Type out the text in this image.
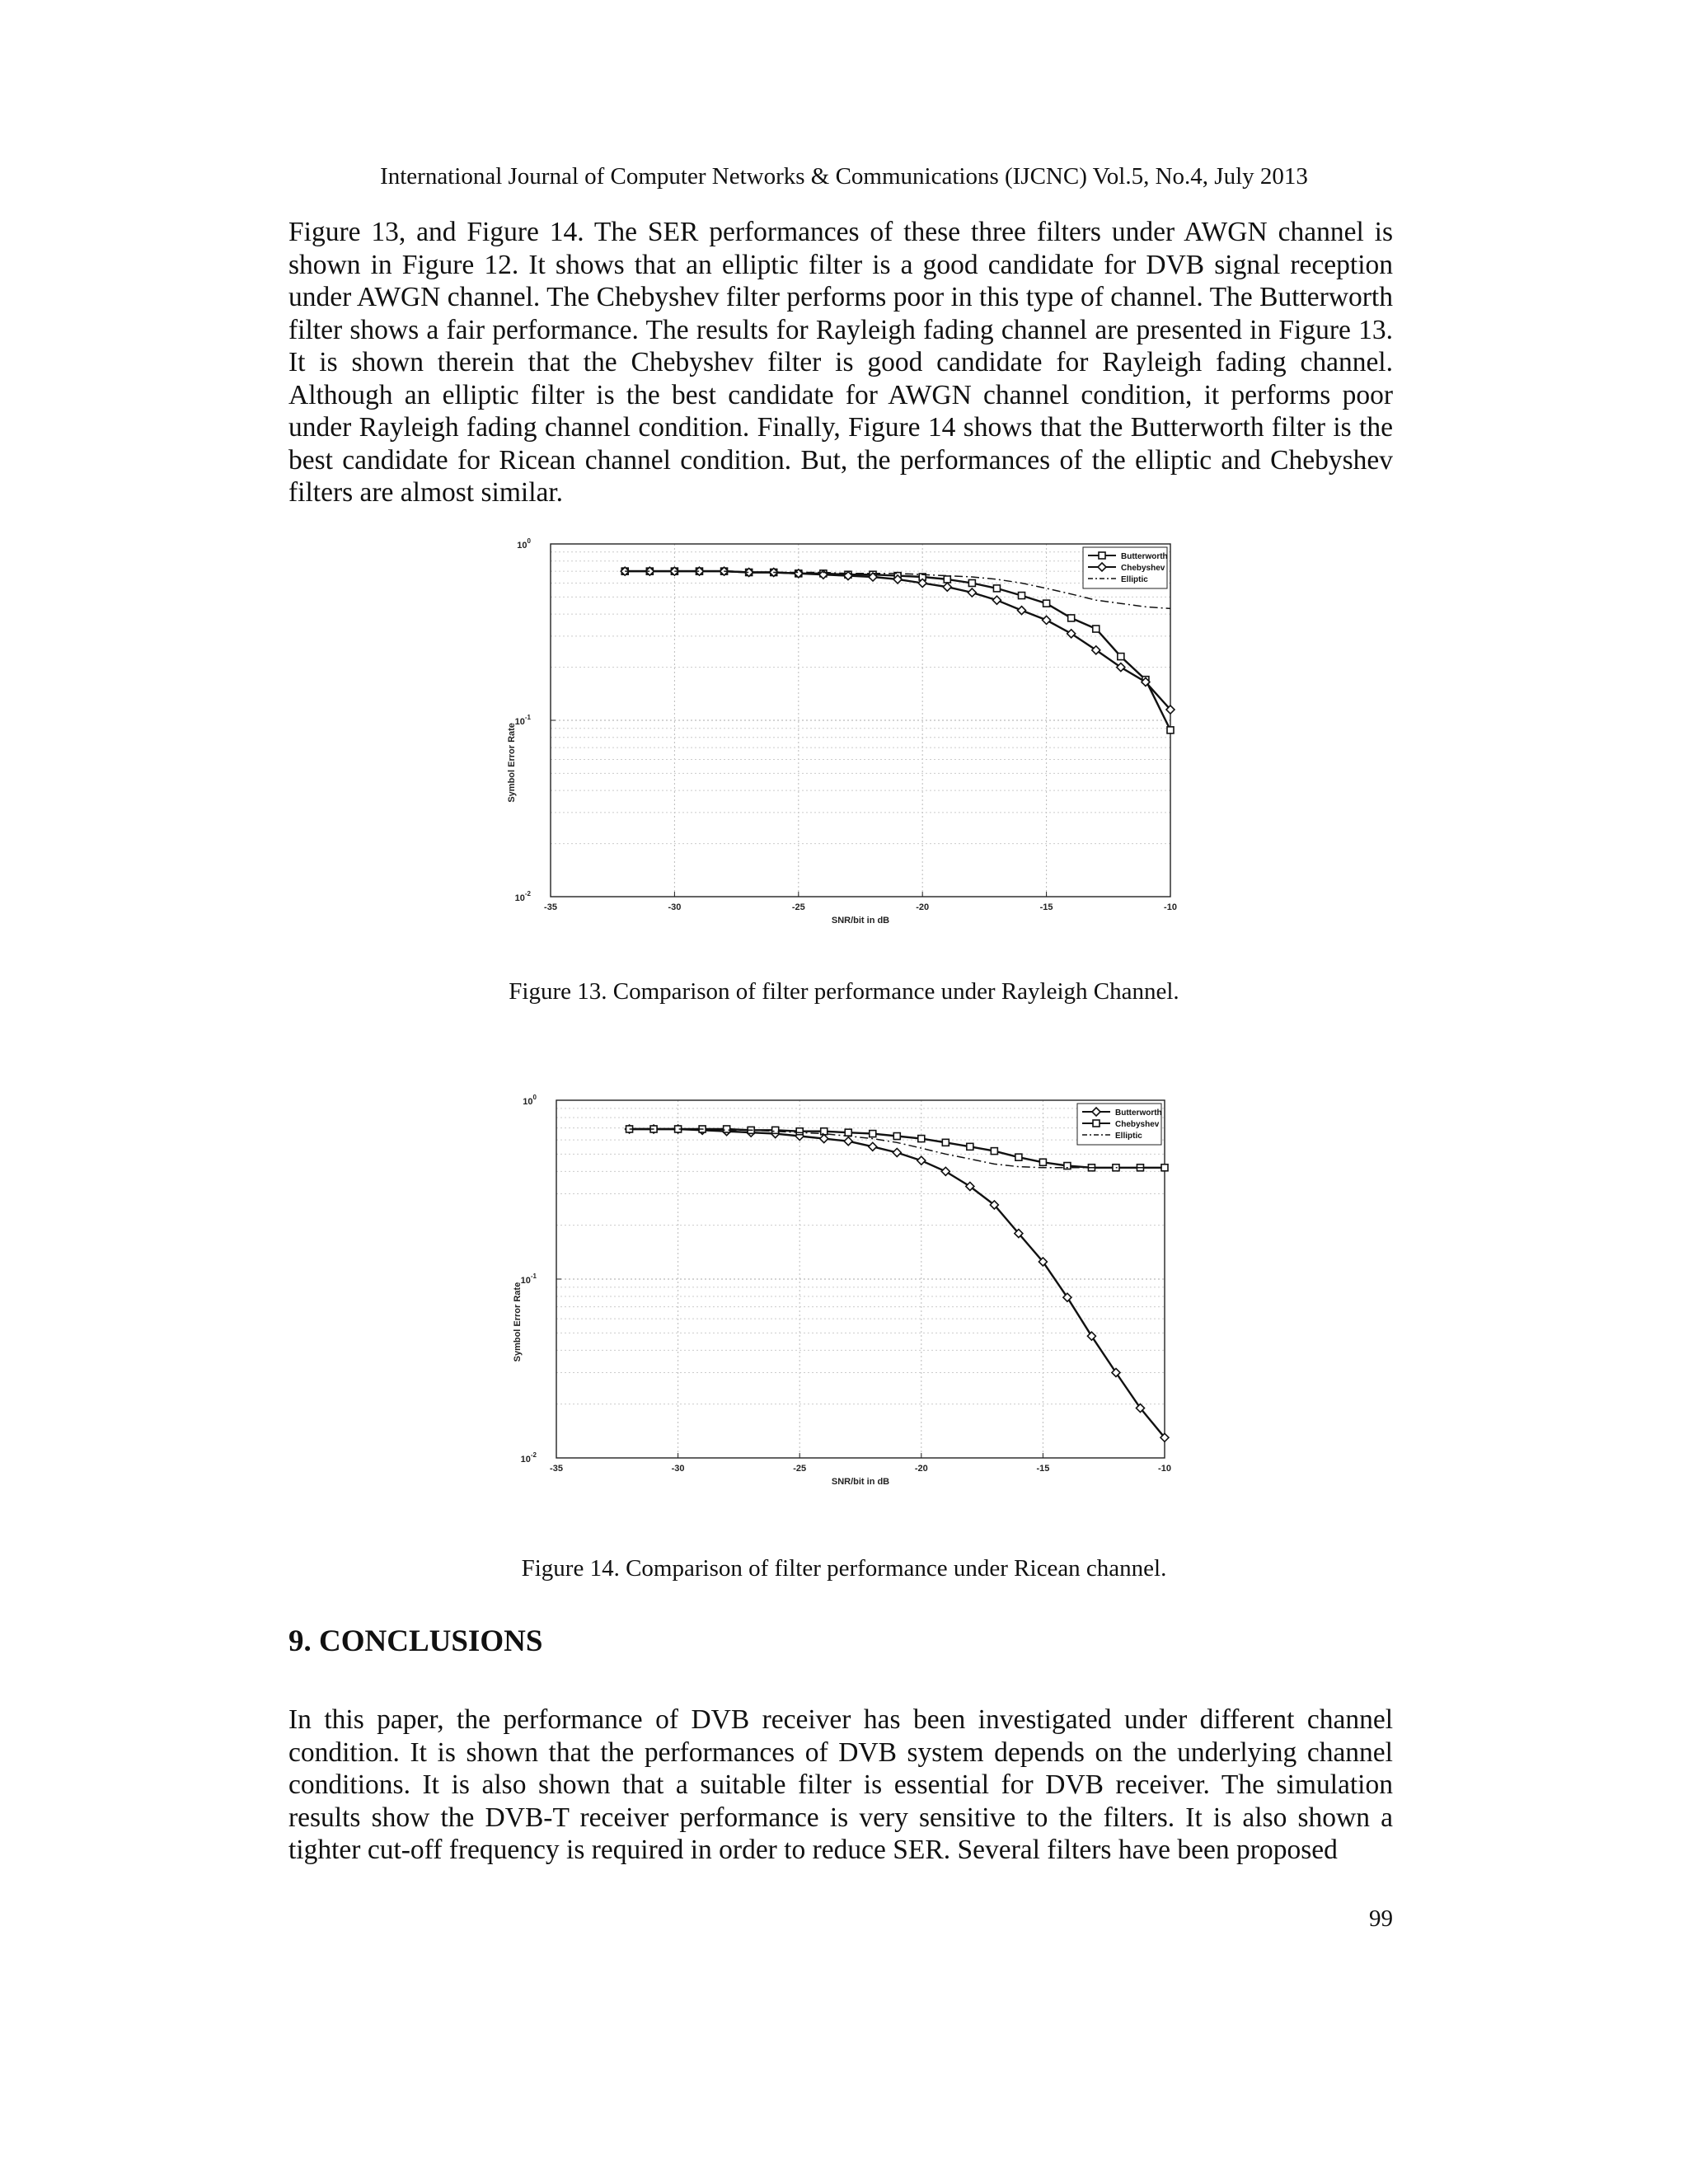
International Journal of Computer Networks & Communications (IJCNC) Vol.5, No.4, July 2013

Figure 13, and Figure 14. The SER performances of these three filters under AWGN channel is shown in Figure 12. It shows that an elliptic filter is a good candidate for DVB signal reception under AWGN channel. The Chebyshev filter performs poor in this type of channel. The Butterworth filter shows a fair performance. The results for Rayleigh fading channel are presented in Figure 13. It is shown therein that the Chebyshev filter is good candidate for Rayleigh fading channel. Although an elliptic filter is the best candidate for AWGN channel condition, it performs poor under Rayleigh fading channel condition. Finally, Figure 14 shows that the Butterworth filter is the best candidate for Ricean channel condition. But, the performances of the elliptic and Chebyshev filters are almost similar.

-35	-30	-25	-20	-15	-10
$10^0$
$10^{-1}$
$10^{-2}$
SNR/bit in dB
Symbol Error Rate
Butterworth
Chebyshev
Elliptic
Figure 13. Comparison of filter performance under Rayleigh Channel.
-35	-30	-25	-20	-15	-10
$10^0$
$10^{-1}$
$10^{-2}$
SNR/bit in dB
Symbol Error Rate
Butterworth
Chebyshev
Elliptic
Figure 14. Comparison of filter performance under Ricean channel.
9. CONCLUSIONS

In this paper, the performance of DVB receiver has been investigated under different channel condition. It is shown that the performances of DVB system depends on the underlying channel conditions. It is also shown that a suitable filter is essential for DVB receiver. The simulation results show the DVB-T receiver performance is very sensitive to the filters. It is also shown a tighter cut-off frequency is required in order to reduce SER. Several filters have been proposed

99
